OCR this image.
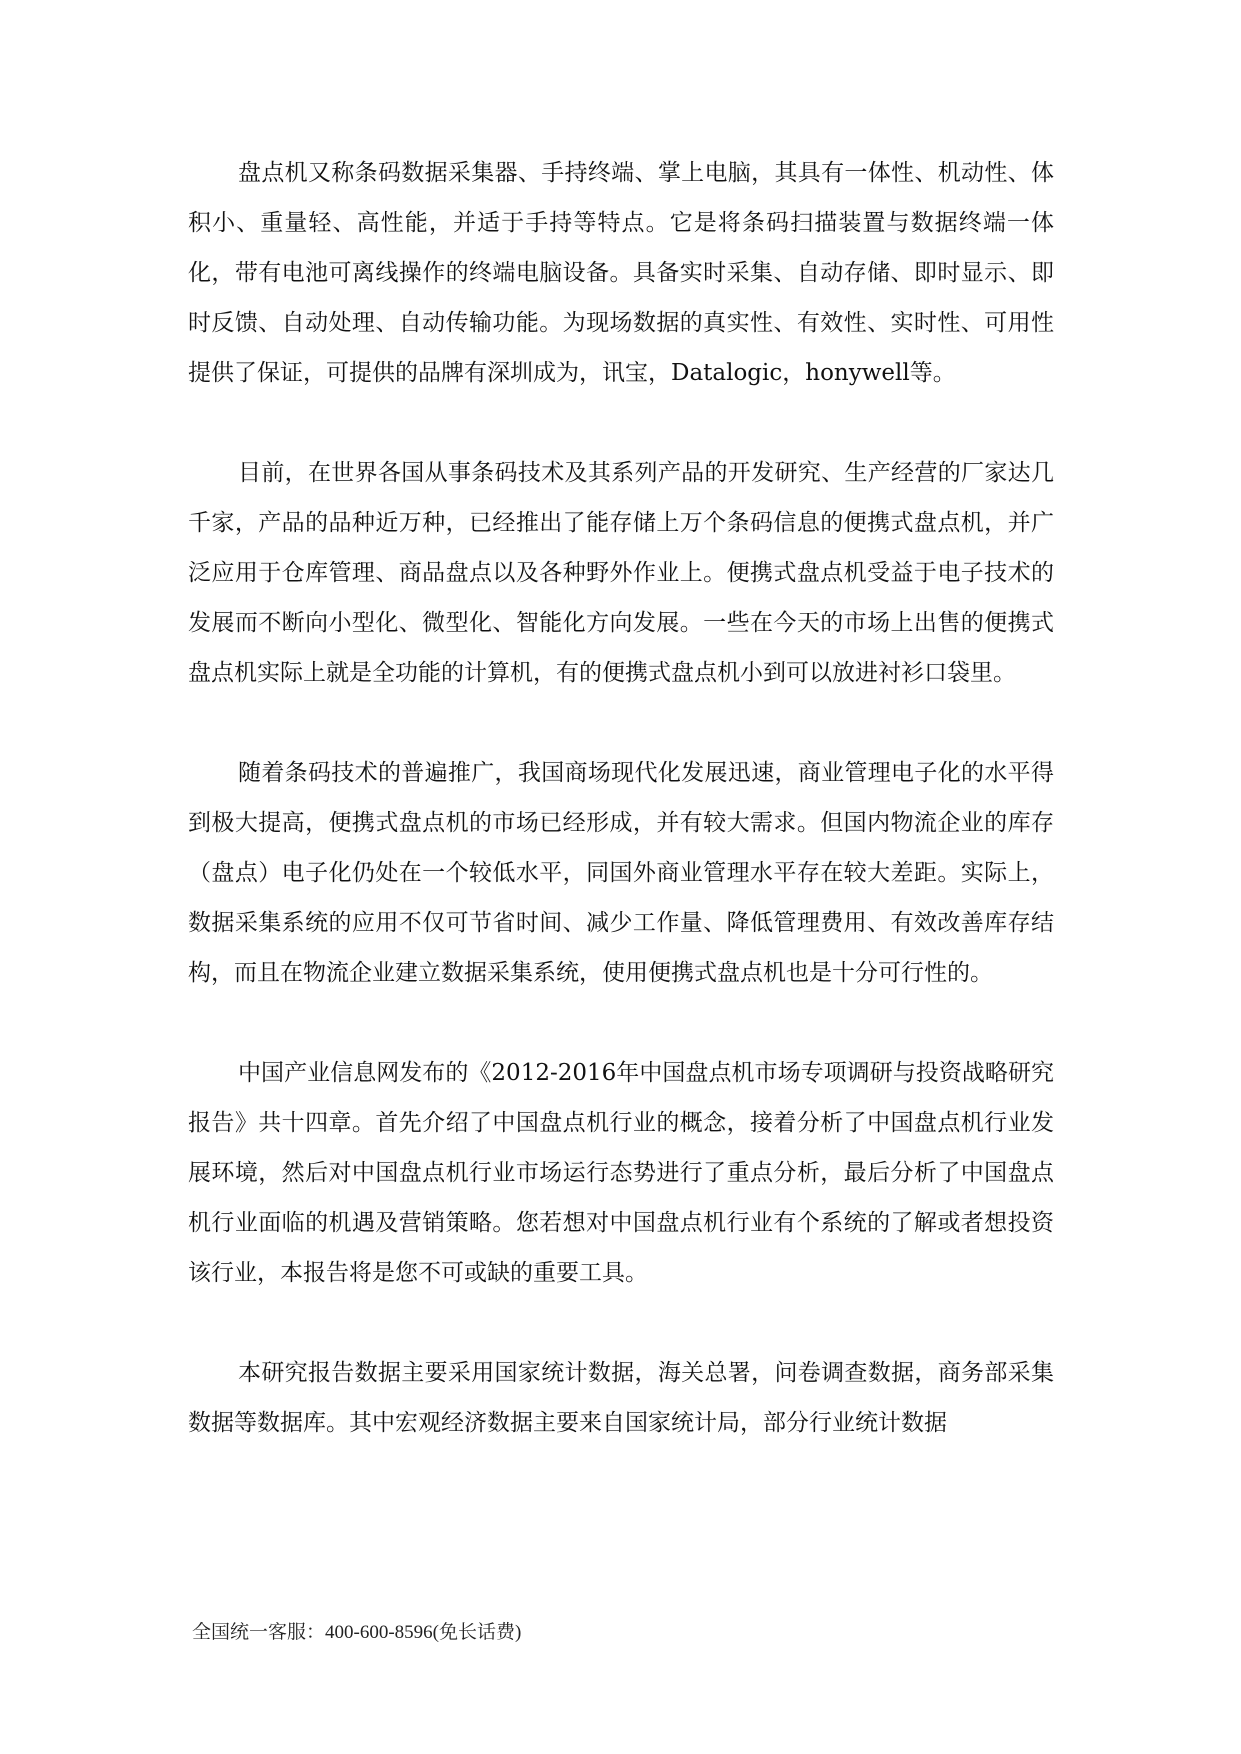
盘点机又称条码数据采集器、手持终端、掌上电脑，其具有一体性、机动性、体积小、重量轻、高性能，并适于手持等特点。它是将条码扫描装置与数据终端一体化，带有电池可离线操作的终端电脑设备。具备实时采集、自动存储、即时显示、即时反馈、自动处理、自动传输功能。为现场数据的真实性、有效性、实时性、可用性提供了保证，可提供的品牌有深圳成为，讯宝，Datalogic，honywell等。

目前，在世界各国从事条码技术及其系列产品的开发研究、生产经营的厂家达几千家，产品的品种近万种，已经推出了能存储上万个条码信息的便携式盘点机，并广泛应用于仓库管理、商品盘点以及各种野外作业上。便携式盘点机受益于电子技术的发展而不断向小型化、微型化、智能化方向发展。一些在今天的市场上出售的便携式盘点机实际上就是全功能的计算机，有的便携式盘点机小到可以放进衬衫口袋里。

随着条码技术的普遍推广，我国商场现代化发展迅速，商业管理电子化的水平得到极大提高，便携式盘点机的市场已经形成，并有较大需求。但国内物流企业的库存（盘点）电子化仍处在一个较低水平，同国外商业管理水平存在较大差距。实际上，数据采集系统的应用不仅可节省时间、减少工作量、降低管理费用、有效改善库存结构，而且在物流企业建立数据采集系统，使用便携式盘点机也是十分可行性的。

中国产业信息网发布的《2012-2016年中国盘点机市场专项调研与投资战略研究报告》共十四章。首先介绍了中国盘点机行业的概念，接着分析了中国盘点机行业发展环境，然后对中国盘点机行业市场运行态势进行了重点分析，最后分析了中国盘点机行业面临的机遇及营销策略。您若想对中国盘点机行业有个系统的了解或者想投资该行业，本报告将是您不可或缺的重要工具。

本研究报告数据主要采用国家统计数据，海关总署，问卷调查数据，商务部采集数据等数据库。其中宏观经济数据主要来自国家统计局，部分行业统计数据

全国统一客服：400-600-8596(免长话费)
